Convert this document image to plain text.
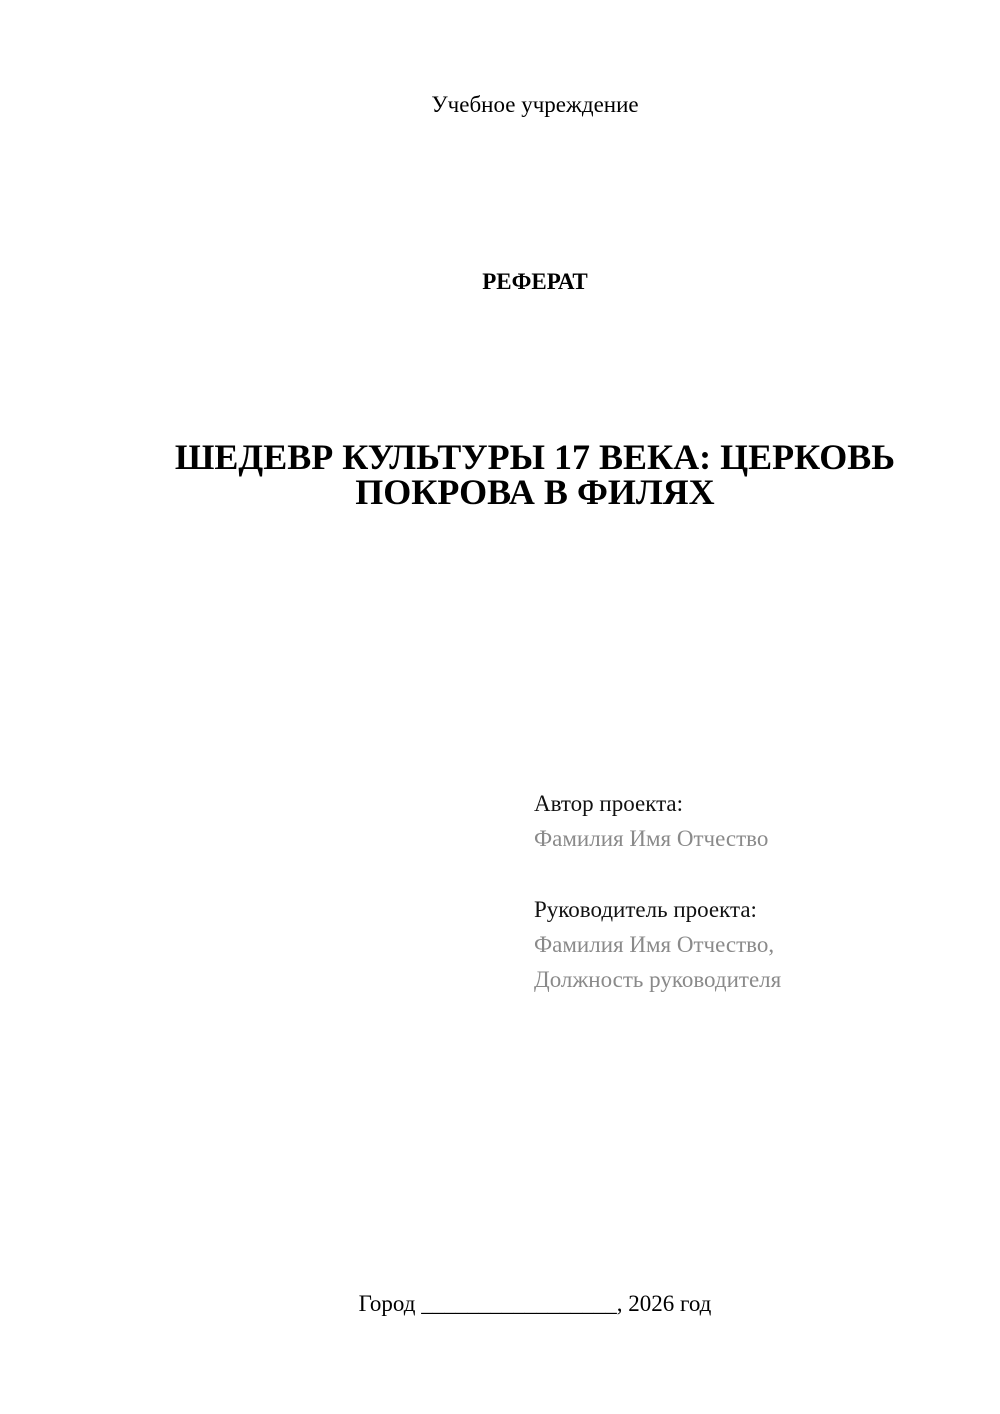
Учебное учреждение
РЕФЕРАТ
ШЕДЕВР КУЛЬТУРЫ 17 ВЕКА: ЦЕРКОВЬ
ПОКРОВА В ФИЛЯХ
Автор проекта:
Фамилия Имя Отчество
Руководитель проекта:
Фамилия Имя Отчество,
Должность руководителя
Город _________________, 2026 год
